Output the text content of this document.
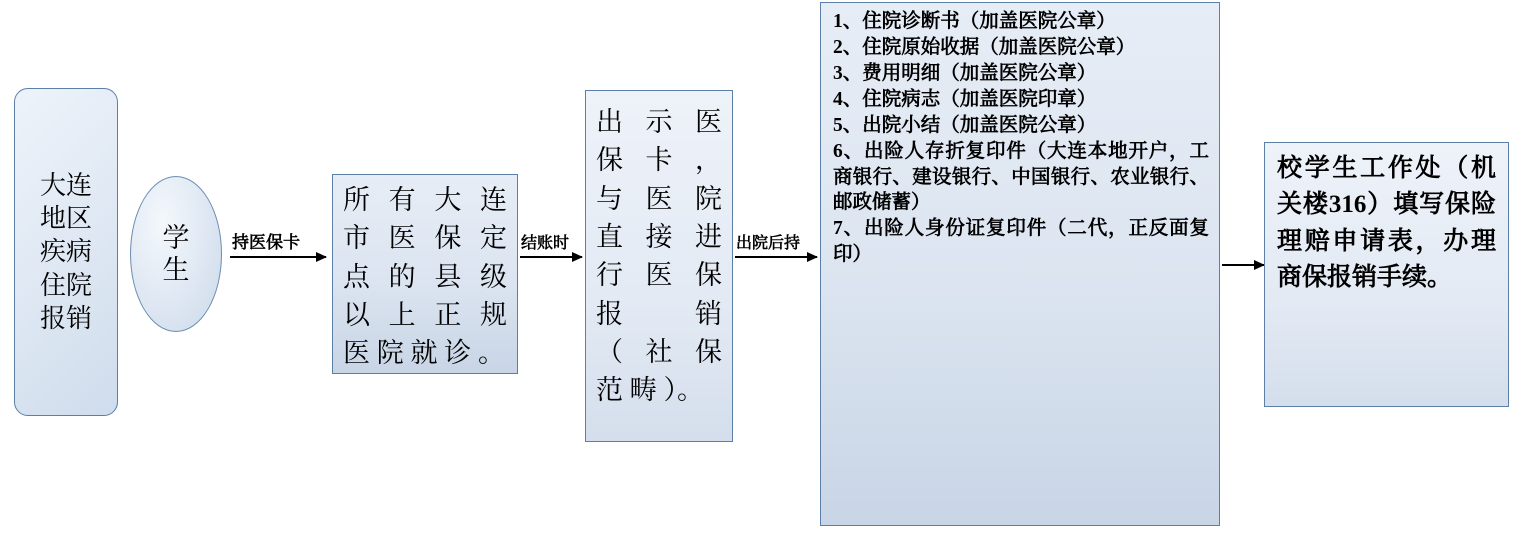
大连
地区
疾病
住院
报销
学
生
持医保卡
所 有 大 连
市 医 保 定
点 的 县 级
以 上 正 规
医 院 就 诊 。
结账时
出 示 医
保 卡 ，
与 医 院
直 接 进
行 医 保
报 销
（ 社 保
范 畴 ）。
出院后持
1、住院诊断书（加盖医院公章）
2、住院原始收据（加盖医院公章）
3、费用明细（加盖医院公章）
4、住院病志（加盖医院印章）
5、出院小结（加盖医院公章）
6、出险人存折复印件（大连本地开户，工商银行、建设银行、中国银行、农业银行、邮政储蓄）
7、出险人身份证复印件（二代，正反面复印）
校学生工作处（机关楼316）填写保险理赔申请表，办理商保报销手续。
